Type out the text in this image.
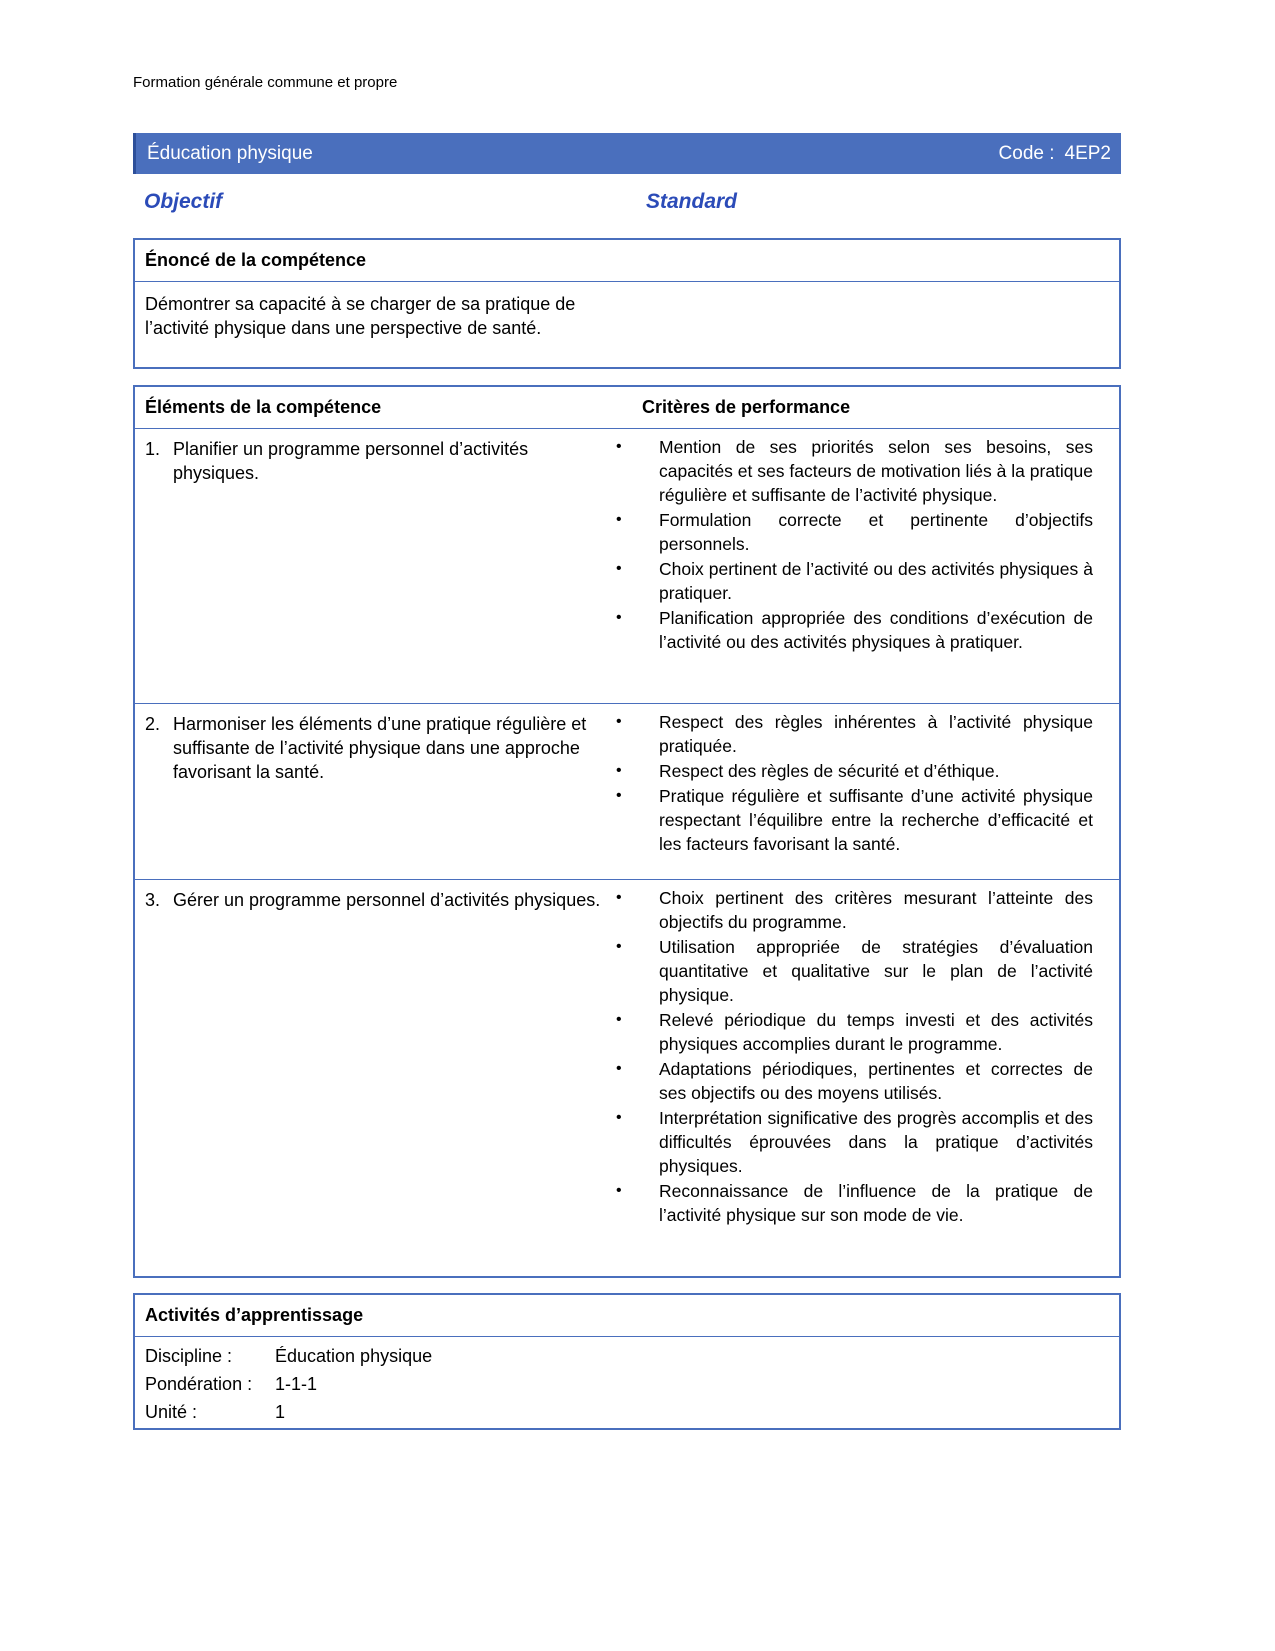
Formation générale commune et propre
Éducation physique	Code : 4EP2
Objectif	Standard
Énoncé de la compétence
Démontrer sa capacité à se charger de sa pratique de l’activité physique dans une perspective de santé.
Éléments de la compétence	Critères de performance
1. Planifier un programme personnel d’activités physiques.
• Mention de ses priorités selon ses besoins, ses capacités et ses facteurs de motivation liés à la pratique régulière et suffisante de l’activité physique.
• Formulation correcte et pertinente d’objectifs personnels.
• Choix pertinent de l’activité ou des activités physiques à pratiquer.
• Planification appropriée des conditions d’exécution de l’activité ou des activités physiques à pratiquer.
2. Harmoniser les éléments d’une pratique régulière et suffisante de l’activité physique dans une approche favorisant la santé.
• Respect des règles inhérentes à l’activité physique pratiquée.
• Respect des règles de sécurité et d’éthique.
• Pratique régulière et suffisante d’une activité physique respectant l’équilibre entre la recherche d’efficacité et les facteurs favorisant la santé.
3. Gérer un programme personnel d’activités physiques.
•	Choix pertinent des critères mesurant l’atteinte des objectifs du programme.
• Utilisation appropriée de stratégies d’évaluation quantitative et qualitative sur le plan de l’activité physique.
• Relevé périodique du temps investi et des activités physiques accomplies durant le programme.
• Adaptations périodiques, pertinentes et correctes de ses objectifs ou des moyens utilisés.
• Interprétation significative des progrès accomplis et des difficultés éprouvées dans la pratique d’activités physiques.
• Reconnaissance de l’influence de la pratique de l’activité physique sur son mode de vie.
Activités d’apprentissage
Discipline : Éducation physique
Pondération : 1-1-1
Unité :	1
